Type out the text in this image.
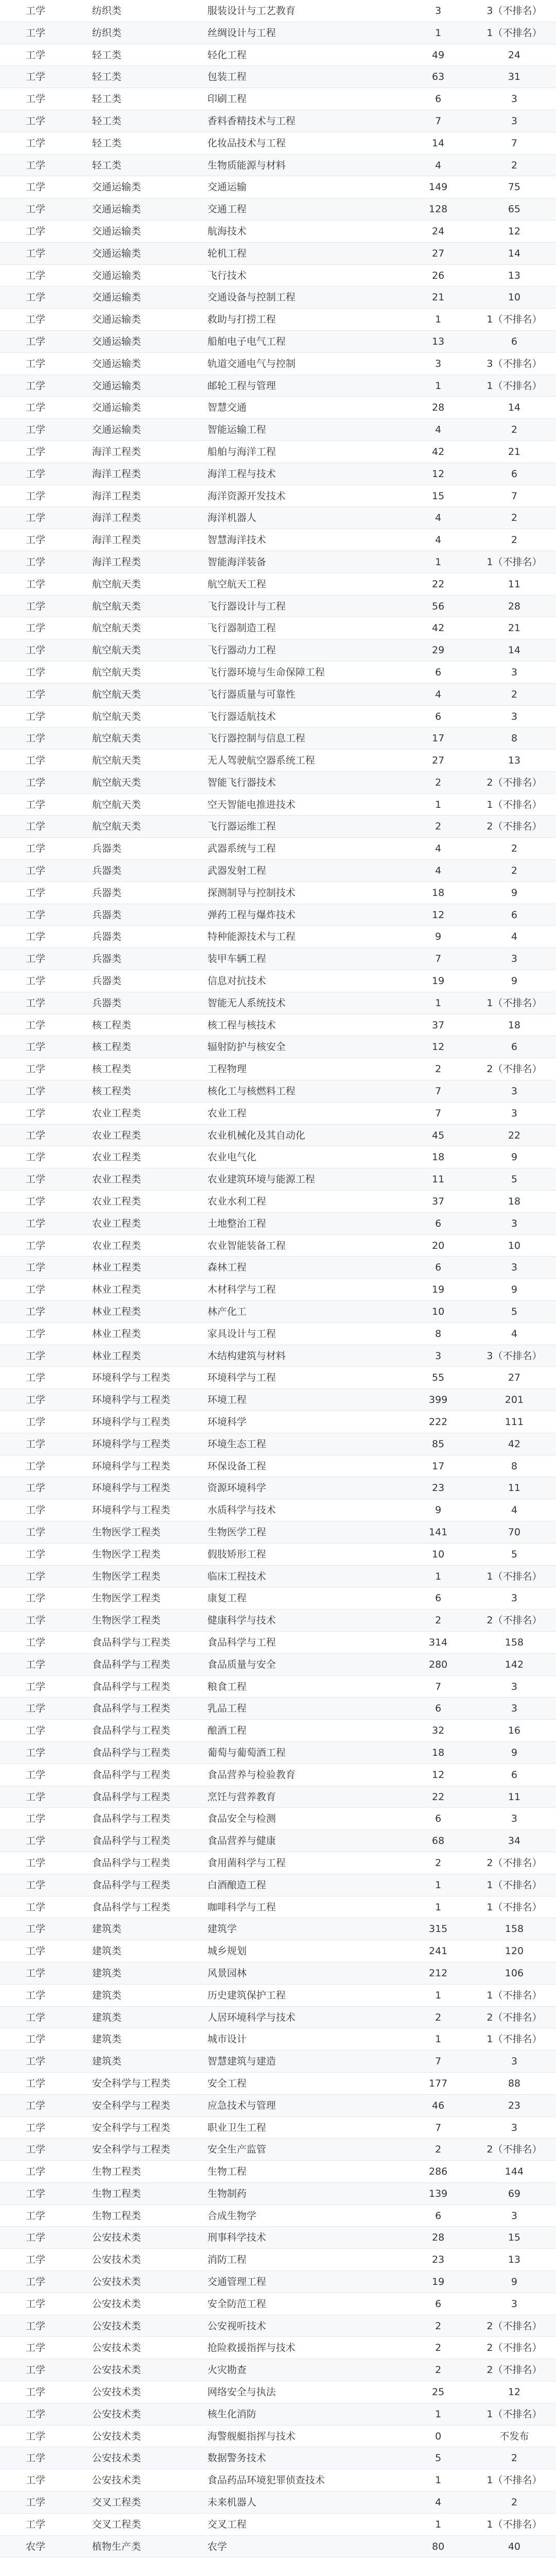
工学	纺织类	服装设计与工艺教育	3	3（不排名）
工学	纺织类	丝绸设计与工程	1	1（不排名）
工学	轻工类	轻化工程	49	24
工学	轻工类	包装工程	63	31
工学	轻工类	印刷工程	6	3
工学	轻工类	香料香精技术与工程	7	3
工学	轻工类	化妆品技术与工程	14	7
工学	轻工类	生物质能源与材料	4	2
工学	交通运输类	交通运输	149	75
工学	交通运输类	交通工程	128	65
工学	交通运输类	航海技术	24	12
工学	交通运输类	轮机工程	27	14
工学	交通运输类	飞行技术	26	13
工学	交通运输类	交通设备与控制工程	21	10
工学	交通运输类	救助与打捞工程	1	1（不排名）
工学	交通运输类	船舶电子电气工程	13	6
工学	交通运输类	轨道交通电气与控制	3	3（不排名）
工学	交通运输类	邮轮工程与管理	1	1（不排名）
工学	交通运输类	智慧交通	28	14
工学	交通运输类	智能运输工程	4	2
工学	海洋工程类	船舶与海洋工程	42	21
工学	海洋工程类	海洋工程与技术	12	6
工学	海洋工程类	海洋资源开发技术	15	7
工学	海洋工程类	海洋机器人	4	2
工学	海洋工程类	智慧海洋技术	4	2
工学	海洋工程类	智能海洋装备	1	1（不排名）
工学	航空航天类	航空航天工程	22	11
工学	航空航天类	飞行器设计与工程	56	28
工学	航空航天类	飞行器制造工程	42	21
工学	航空航天类	飞行器动力工程	29	14
工学	航空航天类	飞行器环境与生命保障工程	6	3
工学	航空航天类	飞行器质量与可靠性	4	2
工学	航空航天类	飞行器适航技术	6	3
工学	航空航天类	飞行器控制与信息工程	17	8
工学	航空航天类	无人驾驶航空器系统工程	27	13
工学	航空航天类	智能飞行器技术	2	2（不排名）
工学	航空航天类	空天智能电推进技术	1	1（不排名）
工学	航空航天类	飞行器运维工程	2	2（不排名）
工学	兵器类	武器系统与工程	4	2
工学	兵器类	武器发射工程	4	2
工学	兵器类	探测制导与控制技术	18	9
工学	兵器类	弹药工程与爆炸技术	12	6
工学	兵器类	特种能源技术与工程	9	4
工学	兵器类	装甲车辆工程	7	3
工学	兵器类	信息对抗技术	19	9
工学	兵器类	智能无人系统技术	1	1（不排名）
工学	核工程类	核工程与核技术	37	18
工学	核工程类	辐射防护与核安全	12	6
工学	核工程类	工程物理	2	2（不排名）
工学	核工程类	核化工与核燃料工程	7	3
工学	农业工程类	农业工程	7	3
工学	农业工程类	农业机械化及其自动化	45	22
工学	农业工程类	农业电气化	18	9
工学	农业工程类	农业建筑环境与能源工程	11	5
工学	农业工程类	农业水利工程	37	18
工学	农业工程类	土地整治工程	6	3
工学	农业工程类	农业智能装备工程	20	10
工学	林业工程类	森林工程	6	3
工学	林业工程类	木材科学与工程	19	9
工学	林业工程类	林产化工	10	5
工学	林业工程类	家具设计与工程	8	4
工学	林业工程类	木结构建筑与材料	3	3（不排名）
工学	环境科学与工程类	环境科学与工程	55	27
工学	环境科学与工程类	环境工程	399	201
工学	环境科学与工程类	环境科学	222	111
工学	环境科学与工程类	环境生态工程	85	42
工学	环境科学与工程类	环保设备工程	17	8
工学	环境科学与工程类	资源环境科学	23	11
工学	环境科学与工程类	水质科学与技术	9	4
工学	生物医学工程类	生物医学工程	141	70
工学	生物医学工程类	假肢矫形工程	10	5
工学	生物医学工程类	临床工程技术	1	1（不排名）
工学	生物医学工程类	康复工程	6	3
工学	生物医学工程类	健康科学与技术	2	2（不排名）
工学	食品科学与工程类	食品科学与工程	314	158
工学	食品科学与工程类	食品质量与安全	280	142
工学	食品科学与工程类	粮食工程	7	3
工学	食品科学与工程类	乳品工程	6	3
工学	食品科学与工程类	酿酒工程	32	16
工学	食品科学与工程类	葡萄与葡萄酒工程	18	9
工学	食品科学与工程类	食品营养与检验教育	12	6
工学	食品科学与工程类	烹饪与营养教育	22	11
工学	食品科学与工程类	食品安全与检测	6	3
工学	食品科学与工程类	食品营养与健康	68	34
工学	食品科学与工程类	食用菌科学与工程	2	2（不排名）
工学	食品科学与工程类	白酒酿造工程	1	1（不排名）
工学	食品科学与工程类	咖啡科学与工程	1	1（不排名）
工学	建筑类	建筑学	315	158
工学	建筑类	城乡规划	241	120
工学	建筑类	风景园林	212	106
工学	建筑类	历史建筑保护工程	1	1（不排名）
工学	建筑类	人居环境科学与技术	2	2（不排名）
工学	建筑类	城市设计	1	1（不排名）
工学	建筑类	智慧建筑与建造	7	3
工学	安全科学与工程类	安全工程	177	88
工学	安全科学与工程类	应急技术与管理	46	23
工学	安全科学与工程类	职业卫生工程	7	3
工学	安全科学与工程类	安全生产监管	2	2（不排名）
工学	生物工程类	生物工程	286	144
工学	生物工程类	生物制药	139	69
工学	生物工程类	合成生物学	6	3
工学	公安技术类	刑事科学技术	28	15
工学	公安技术类	消防工程	23	13
工学	公安技术类	交通管理工程	19	9
工学	公安技术类	安全防范工程	6	3
工学	公安技术类	公安视听技术	2	2（不排名）
工学	公安技术类	抢险救援指挥与技术	2	2（不排名）
工学	公安技术类	火灾勘查	2	2（不排名）
工学	公安技术类	网络安全与执法	25	12
工学	公安技术类	核生化消防	1	1（不排名）
工学	公安技术类	海警舰艇指挥与技术	0	不发布
工学	公安技术类	数据警务技术	5	2
工学	公安技术类	食品药品环境犯罪侦查技术	1	1（不排名）
工学	交叉工程类	未来机器人	4	2
工学	交叉工程类	交叉工程	1	1（不排名）
农学	植物生产类	农学	80	40
